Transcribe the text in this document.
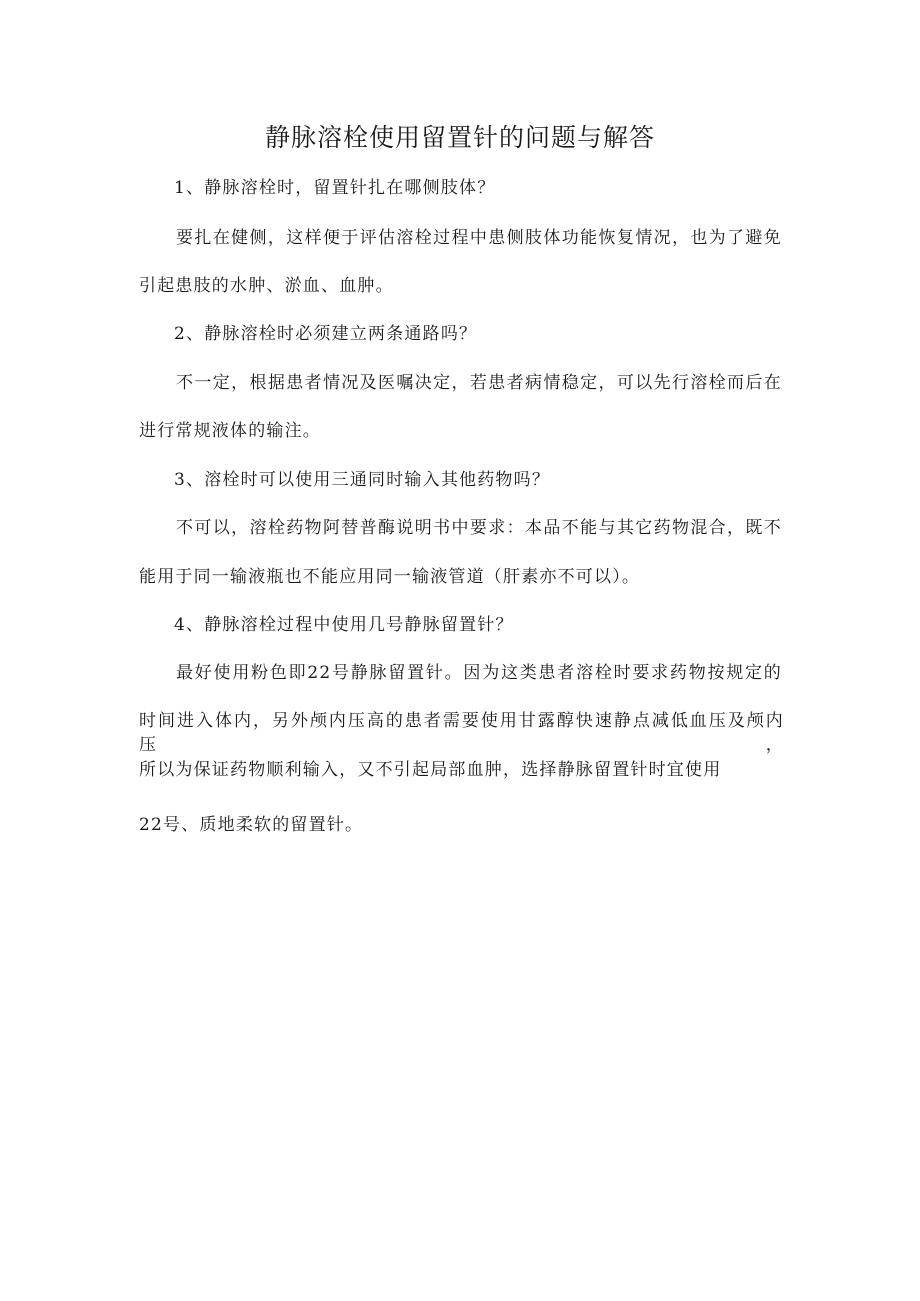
静脉溶栓使用留置针的问题与解答
1、静脉溶栓时，留置针扎在哪侧肢体？
要扎在健侧，这样便于评估溶栓过程中患侧肢体功能恢复情况，也为了避免
引起患肢的水肿、淤血、血肿。
2、静脉溶栓时必须建立两条通路吗？
不一定，根据患者情况及医嘱决定，若患者病情稳定，可以先行溶栓而后在
进行常规液体的输注。
3、溶栓时可以使用三通同时输入其他药物吗？
不可以，溶栓药物阿替普酶说明书中要求：本品不能与其它药物混合，既不
能用于同一输液瓶也不能应用同一输液管道（肝素亦不可以）。
4、静脉溶栓过程中使用几号静脉留置针？
最好使用粉色即22号静脉留置针。因为这类患者溶栓时要求药物按规定的
时间进入体内，另外颅内压高的患者需要使用甘露醇快速静点减低血压及颅内压，
所以为保证药物顺利输入，又不引起局部血肿，选择静脉留置针时宜使用
22号、质地柔软的留置针。
